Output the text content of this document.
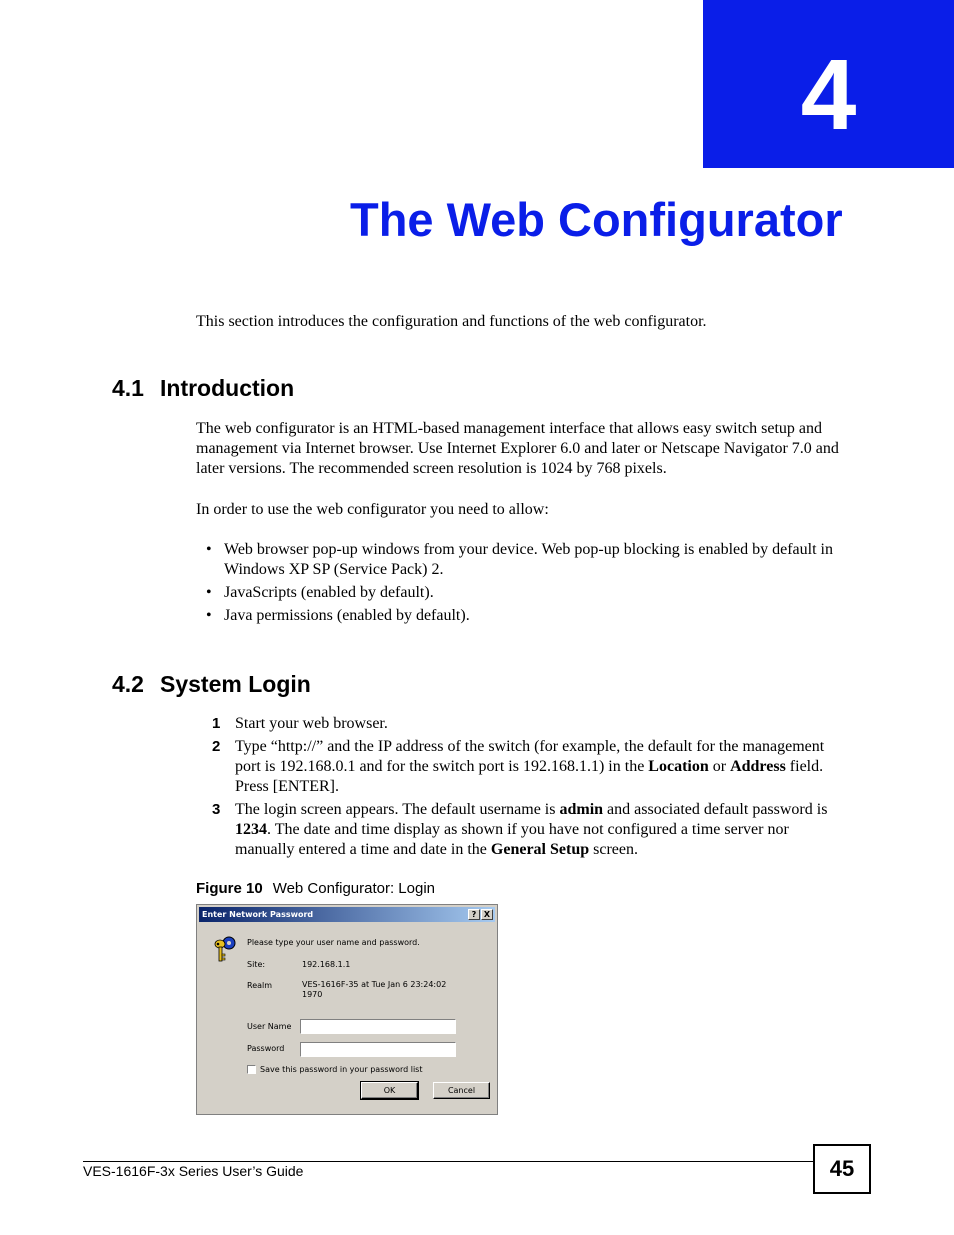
4
The Web Configurator

This section introduces the configuration and functions of the web configurator.

4.1 Introduction

The web configurator is an HTML-based management interface that allows easy switch setup and management via Internet browser. Use Internet Explorer 6.0 and later or Netscape Navigator 7.0 and later versions. The recommended screen resolution is 1024 by 768 pixels.

In order to use the web configurator you need to allow:

• Web browser pop-up windows from your device. Web pop-up blocking is enabled by default in Windows XP SP (Service Pack) 2.
• JavaScripts (enabled by default).
• Java permissions (enabled by default).
4.2 System Login
1 Start your web browser.
2 Type “http://” and the IP address of the switch (for example, the default for the management port is 192.168.0.1 and for the switch port is 192.168.1.1) in the Location or Address field. Press [ENTER].
3 The login screen appears. The default username is admin and associated default password is 1234. The date and time display as shown if you have not configured a time server nor manually entered a time and date in the General Setup screen.
Figure 10 Web Configurator: Login
Enter Network Password	? X
Please type your user name and password.
Site:	192.168.1.1
Realm	VES-1616F-35 at Tue Jan 6 23:24:02
1970
User Name
Password
Save this password in your password list
OK	Cancel
VES-1616F-3x Series User’s Guide	45
